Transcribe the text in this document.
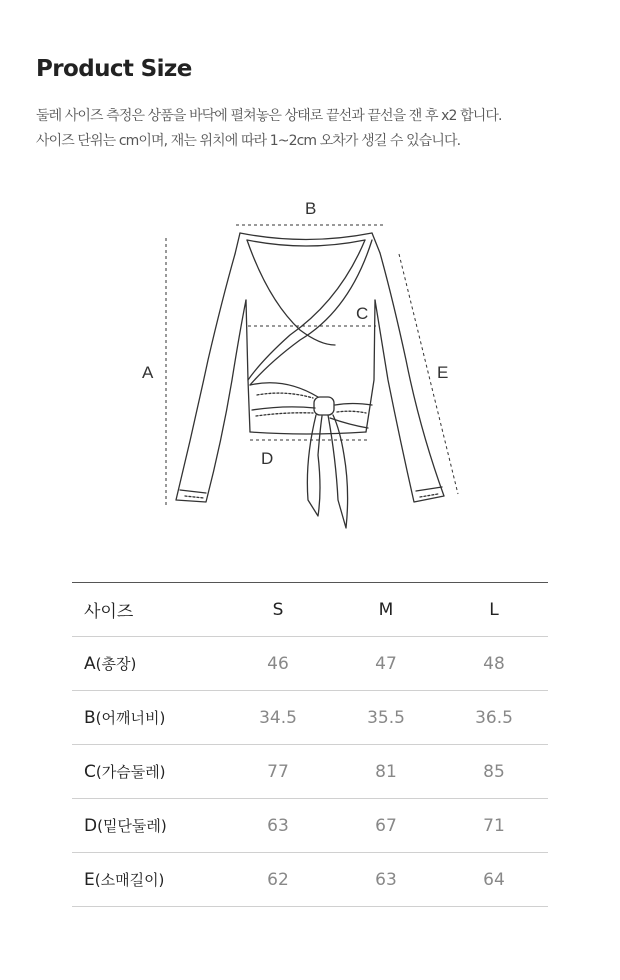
Product Size
둘레 사이즈 측정은 상품을 바닥에 펼쳐놓은 상태로 끝선과 끝선을 잰 후 x2 합니다.
사이즈 단위는 cm이며, 재는 위치에 따라 1~2cm 오차가 생길 수 있습니다.
B
A
C
D
E
사이즈	S	M	L
A(총장)	46	47	48
B(어깨너비)	34.5	35.5	36.5
C(가슴둘레)	77	81	85
D(밑단둘레)	63	67	71
E(소매길이)	62	63	64
